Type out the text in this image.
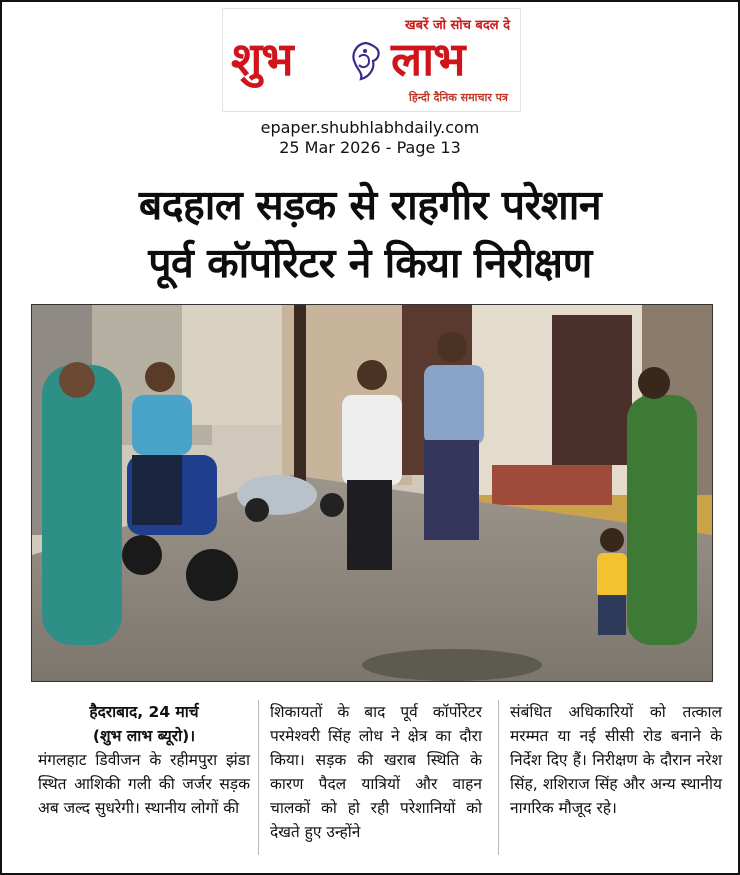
खबरें जो सोच बदल दे
शुभ लाभ
हिन्दी दैनिक समाचार पत्र
epaper.shubhlabhdaily.com
25 Mar 2026 - Page 13
बदहाल सड़क से राहगीर परेशान
पूर्व कॉर्पोरेटर ने किया निरीक्षण
हैदराबाद, 24 मार्च
(शुभ लाभ ब्यूरो)।
मंगलहाट डिवीजन के रहीमपुरा झंडा स्थित आशिकी गली की जर्जर सड़क अब जल्द सुधरेगी। स्थानीय लोगों की
शिकायतों के बाद पूर्व कॉर्पोरेटर परमेश्वरी सिंह लोध ने क्षेत्र का दौरा किया। सड़क की खराब स्थिति के कारण पैदल यात्रियों और वाहन चालकों को हो रही परेशानियों को देखते हुए उन्होंने
संबंधित अधिकारियों को तत्काल मरम्मत या नई सीसी रोड बनाने के निर्देश दिए हैं। निरीक्षण के दौरान नरेश सिंह, शशिराज सिंह और अन्य स्थानीय नागरिक मौजूद रहे।
